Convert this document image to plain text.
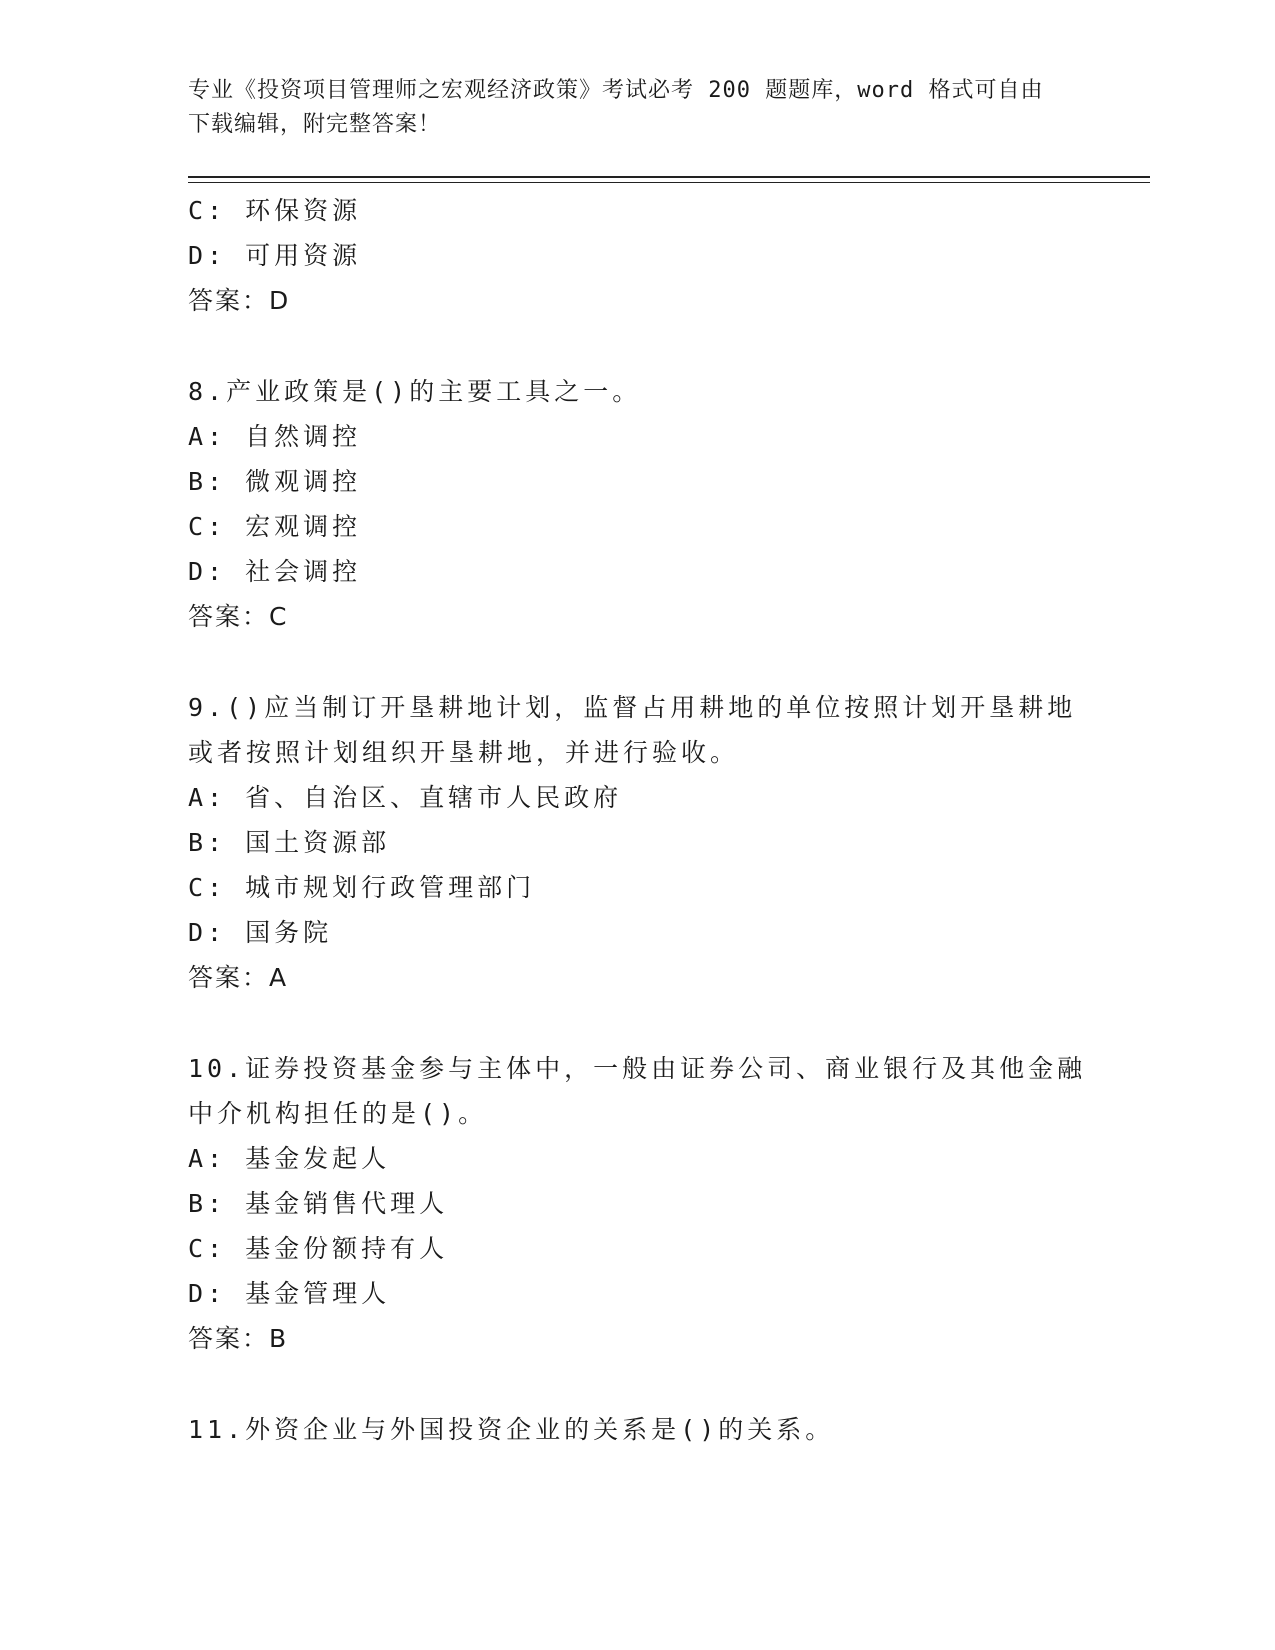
专业《投资项目管理师之宏观经济政策》考试必考 200 题题库，word 格式可自由
下载编辑，附完整答案！
C: 环保资源
D: 可用资源
答案：D
8.产业政策是()的主要工具之一。
A: 自然调控
B: 微观调控
C: 宏观调控
D: 社会调控
答案：C
9.()应当制订开垦耕地计划，监督占用耕地的单位按照计划开垦耕地
或者按照计划组织开垦耕地，并进行验收。
A: 省、自治区、直辖市人民政府
B: 国土资源部
C: 城市规划行政管理部门
D: 国务院
答案：A
10.证券投资基金参与主体中，一般由证券公司、商业银行及其他金融
中介机构担任的是()。
A: 基金发起人
B: 基金销售代理人
C: 基金份额持有人
D: 基金管理人
答案：B
11.外资企业与外国投资企业的关系是()的关系。
